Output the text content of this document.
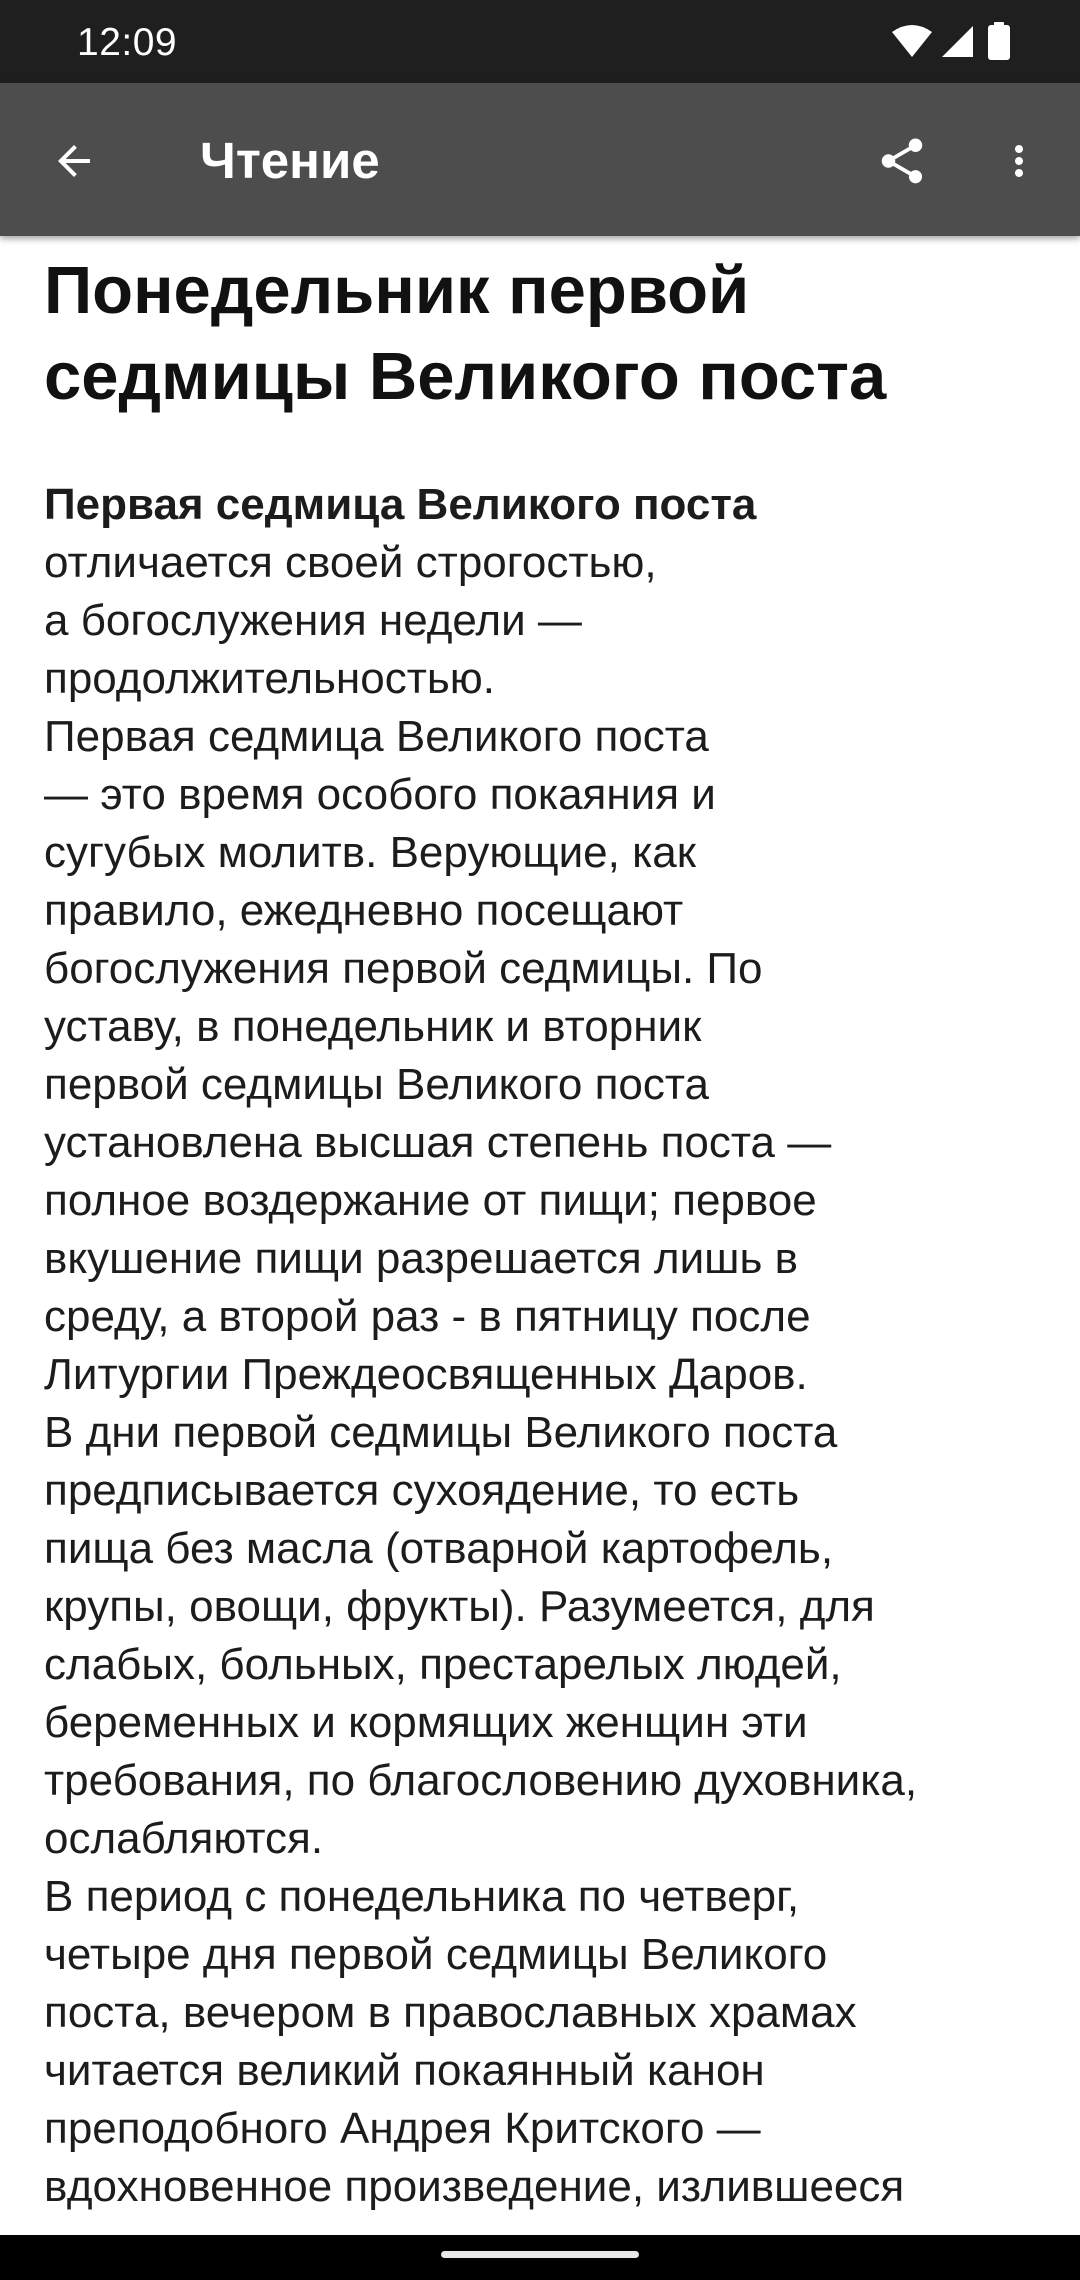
12:09
Чтение
Понедельник первой
седмицы Великого поста
Первая седмица Великого поста
отличается своей строгостью,
а богослужения недели —
продолжительностью.
Первая седмица Великого поста
— это время особого покаяния и
сугубых молитв. Верующие, как
правило, ежедневно посещают
богослужения первой седмицы. По
уставу, в понедельник и вторник
первой седмицы Великого поста
установлена высшая степень поста —
полное воздержание от пищи; первое
вкушение пищи разрешается лишь в
среду, а второй раз - в пятницу после
Литургии Преждеосвященных Даров.
В дни первой седмицы Великого поста
предписывается сухоядение, то есть
пища без масла (отварной картофель,
крупы, овощи, фрукты). Разумеется, для
слабых, больных, престарелых людей,
беременных и кормящих женщин эти
требования, по благословению духовника,
ослабляются.
В период с понедельника по четверг,
четыре дня первой седмицы Великого
поста, вечером в православных храмах
читается великий покаянный канон
преподобного Андрея Критского —
вдохновенное произведение, излившееся
